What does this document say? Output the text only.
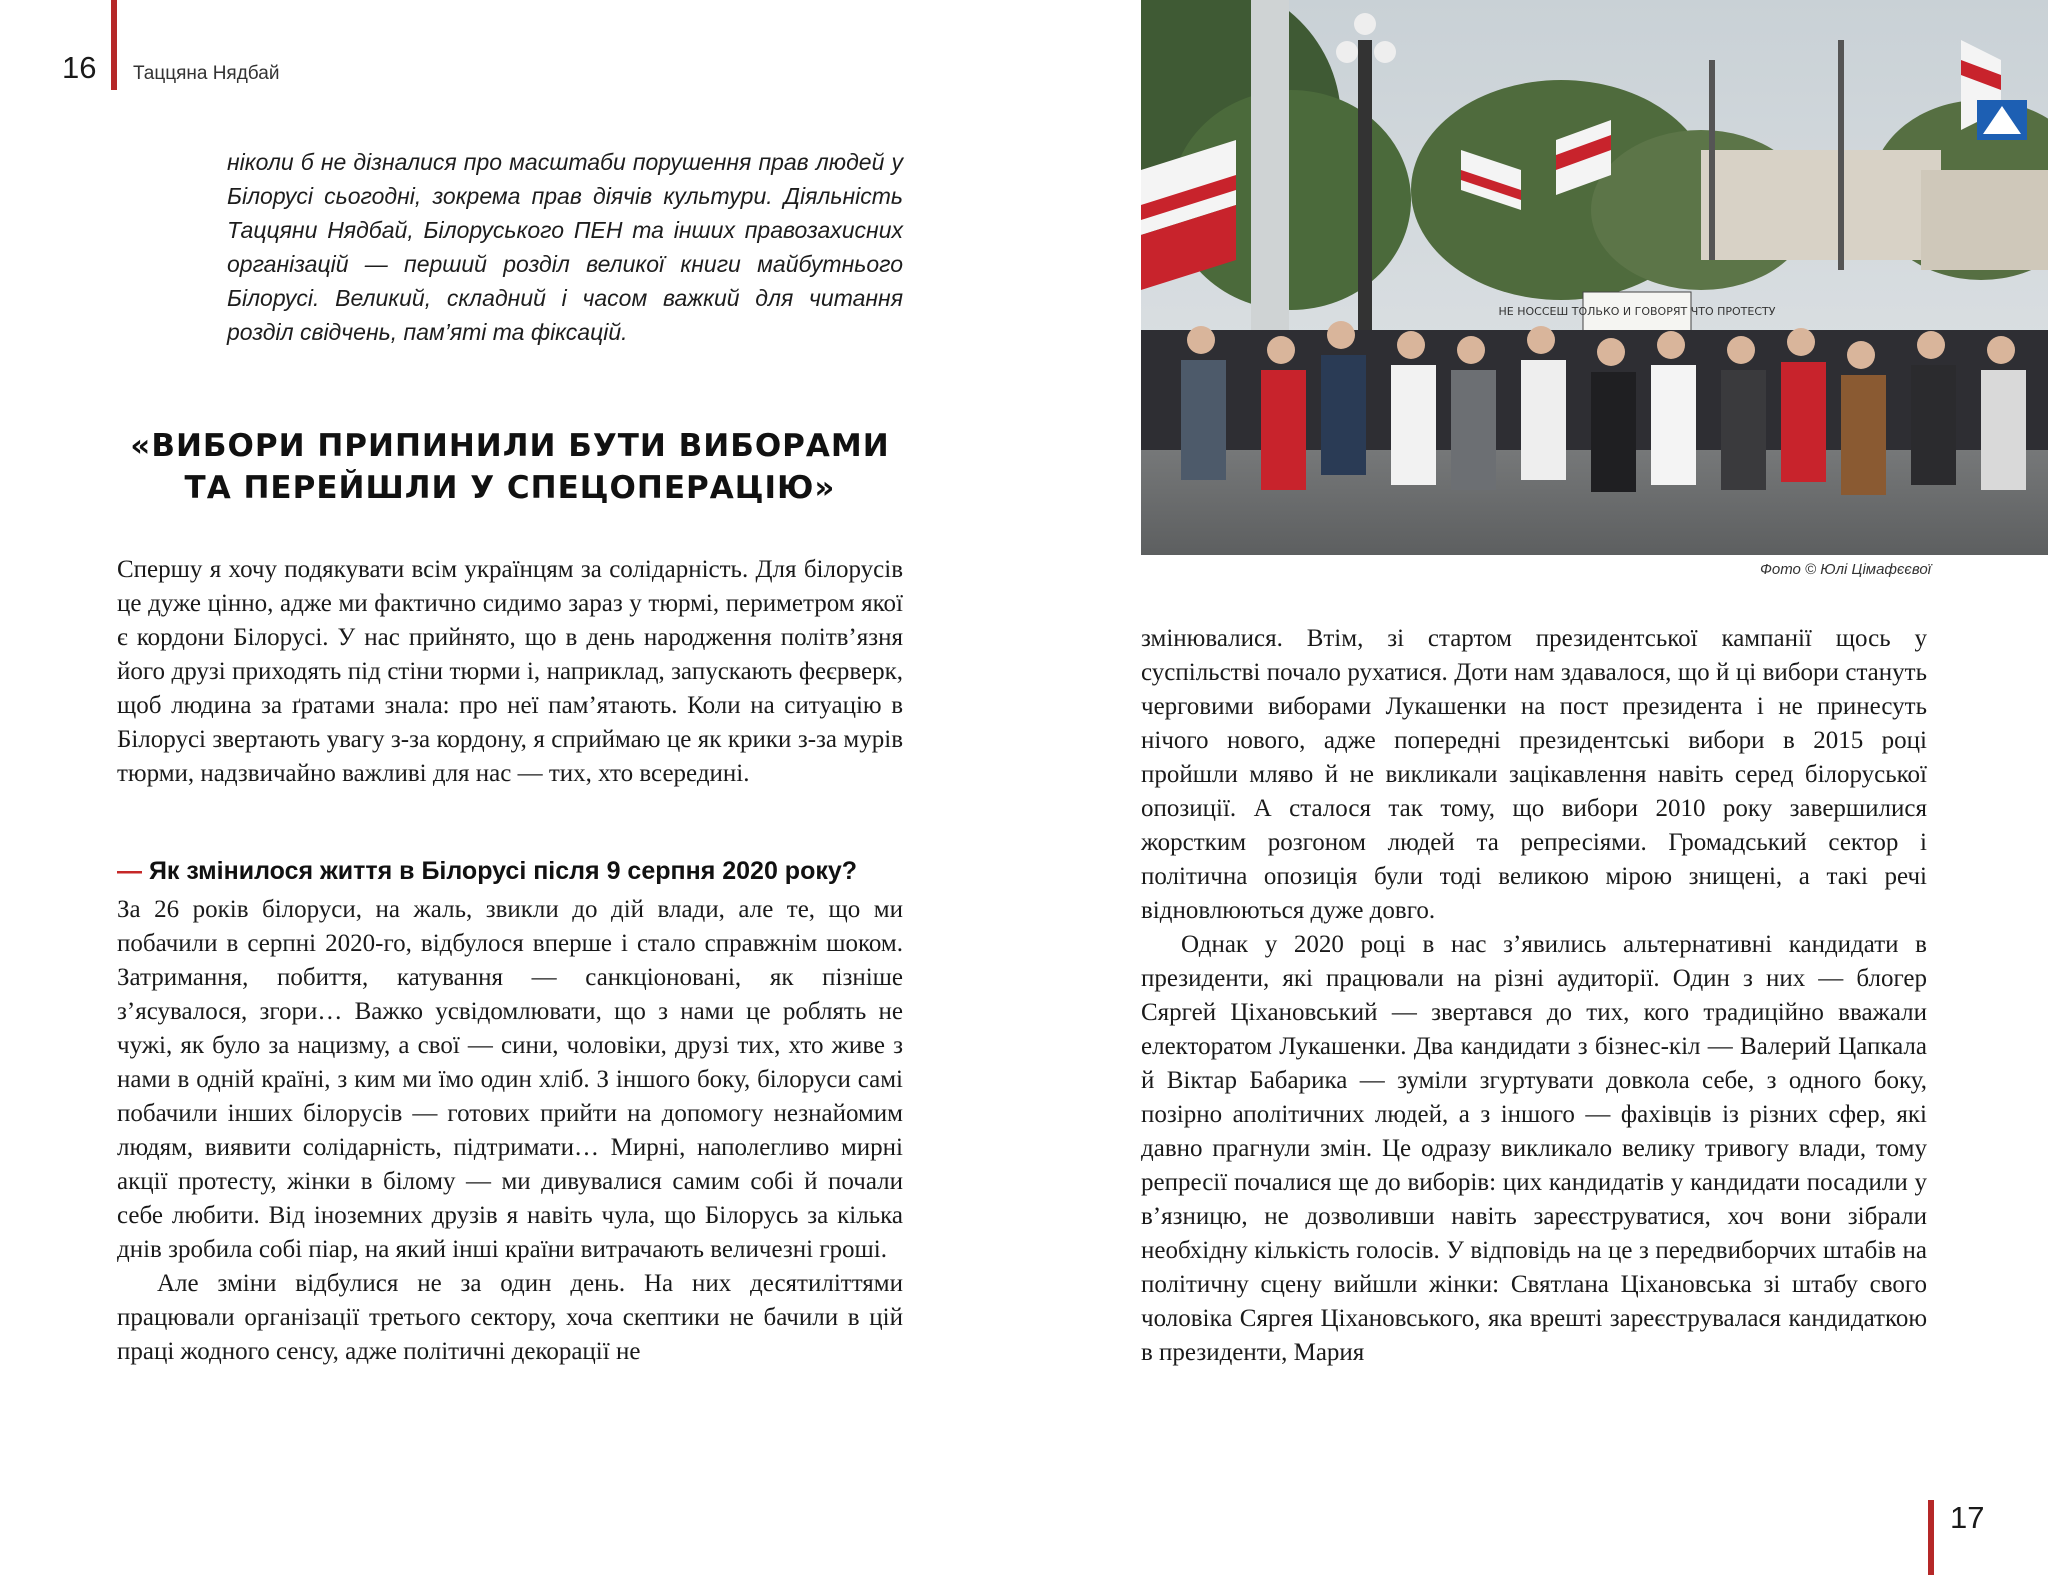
16 Таццяна Нядбай
ніколи б не дізналися про масштаби порушення прав людей у Білорусі сьогодні, зокрема прав діячів культури. Діяльність Таццяни Нядбай, Білоруського ПЕН та інших правозахисних організацій — перший розділ великої книги майбутнього Білорусі. Великий, складний і часом важкий для читання розділ свідчень, пам’яті та фіксацій.
«ВИБОРИ ПРИПИНИЛИ БУТИ ВИБОРАМИ
ТА ПЕРЕЙШЛИ У СПЕЦОПЕРАЦІЮ»

Спершу я хочу подякувати всім українцям за солідарність. Для білорусів це дуже цінно, адже ми фактично сидимо зараз у тюрмі, периметром якої є кордони Білорусі. У нас прийнято, що в день народження політв’язня його друзі приходять під стіни тюрми і, наприклад, запускають феєрверк, щоб людина за ґратами знала: про неї пам’ятають. Коли на ситуацію в Білорусі звертають увагу з-за кордону, я сприймаю це як крики з-за мурів тюрми, надзвичайно важливі для нас — тих, хто всередині.

— Як змінилося життя в Білорусі після 9 серпня 2020 року?

За 26 років білоруси, на жаль, звикли до дій влади, але те, що ми побачили в серпні 2020-го, відбулося вперше і стало справжнім шоком. Затримання, побиття, катування — санкціоновані, як пізніше з’ясувалося, згори… Важко усвідомлювати, що з нами це роблять не чужі, як було за нацизму, а свої — сини, чоловіки, друзі тих, хто живе з нами в одній країні, з ким ми їмо один хліб. З іншого боку, білоруси самі побачили інших білорусів — готових прийти на допомогу незнайомим людям, виявити солідарність, підтримати… Мирні, наполегливо мирні акції протесту, жінки в білому — ми дивувалися самим собі й почали себе любити. Від іноземних друзів я навіть чула, що Білорусь за кілька днів зробила собі піар, на який інші країни витрачають величезні гроші.

Але зміни відбулися не за один день. На них десятиліттями працювали організації третього сектору, хоча скептики не бачили в цій праці жодного сенсу, адже політичні декорації не

НЕ НОССЕШ ТОЛЬКО И ГОВОРЯТ ЧТО ПРОТЕСТУ
Фото © Юлі Цімафєєвої

змінювалися. Втім, зі стартом президентської кампанії щось у суспільстві почало рухатися. Доти нам здавалося, що й ці вибори стануть черговими виборами Лукашенки на пост президента і не принесуть нічого нового, адже попередні президентські вибори в 2015 році пройшли мляво й не викликали зацікавлення навіть серед білоруської опозиції. А сталося так тому, що вибори 2010 року завершилися жорстким розгоном людей та репресіями. Громадський сектор і політична опозиція були тоді великою мірою знищені, а такі речі відновлюються дуже довго.

Однак у 2020 році в нас з’явились альтернативні кандидати в президенти, які працювали на різні аудиторії. Один з них — блогер Сяргей Ціхановський — звертався до тих, кого традиційно вважали електоратом Лукашенки. Два кандидати з бізнес-кіл — Валерий Цапкала й Віктар Бабарика — зуміли згуртувати довкола себе, з одного боку, позірно аполітичних людей, а з іншого — фахівців із різних сфер, які давно прагнули змін. Це одразу викликало велику тривогу влади, тому репресії почалися ще до виборів: цих кандидатів у кандидати посадили у в’язницю, не дозволивши навіть зареєструватися, хоч вони зібрали необхідну кількість голосів. У відповідь на це з передвиборчих штабів на політичну сцену вийшли жінки: Святлана Ціхановська зі штабу свого чоловіка Сяргея Ціхановського, яка врешті зареєструвалася кандидаткою в президенти, Мария

17
